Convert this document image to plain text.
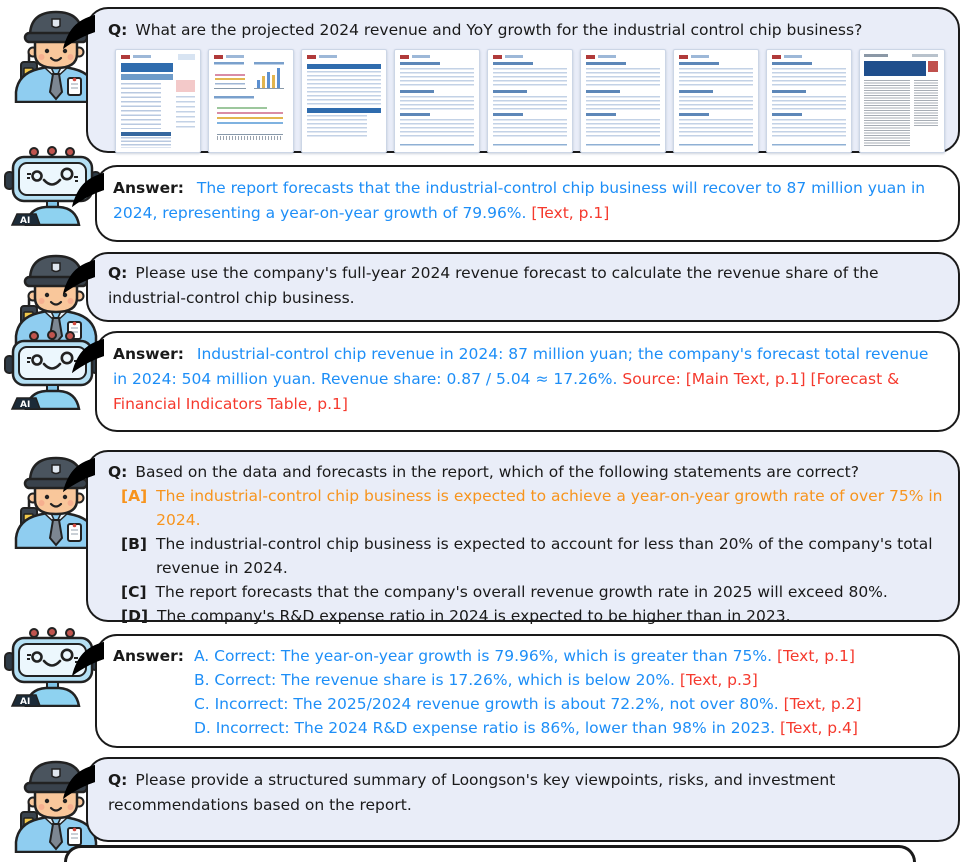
Q: What are the projected 2024 revenue and YoY growth for the industrial control chip business?
Answer: The report forecasts that the industrial-control chip business will recover to 87 million yuan in 2024, representing a year-on-year growth of 79.96%. [Text, p.1]
Q: Please use the company's full-year 2024 revenue forecast to calculate the revenue share of the industrial-control chip business.
Answer: Industrial-control chip revenue in 2024: 87 million yuan; the company's forecast total revenue in 2024: 504 million yuan. Revenue share: 0.87 / 5.04 ≈ 17.26%. Source: [Main Text, p.1] [Forecast & Financial Indicators Table, p.1]
Q: Based on the data and forecasts in the report, which of the following statements are correct?
[A] The industrial-control chip business is expected to achieve a year-on-year growth rate of over 75% in 2024.
[B] The industrial-control chip business is expected to account for less than 20% of the company's total revenue in 2024.
[C] The report forecasts that the company's overall revenue growth rate in 2025 will exceed 80%.
[D] The company's R&D expense ratio in 2024 is expected to be higher than in 2023.
Answer: A. Correct: The year-on-year growth is 79.96%, which is greater than 75%. [Text, p.1]
B. Correct: The revenue share is 17.26%, which is below 20%. [Text, p.3]
C. Incorrect: The 2025/2024 revenue growth is about 72.2%, not over 80%. [Text, p.2]
D. Incorrect: The 2024 R&D expense ratio is 86%, lower than 98% in 2023. [Text, p.4]
Q: Please provide a structured summary of Loongson's key viewpoints, risks, and investment recommendations based on the report.
